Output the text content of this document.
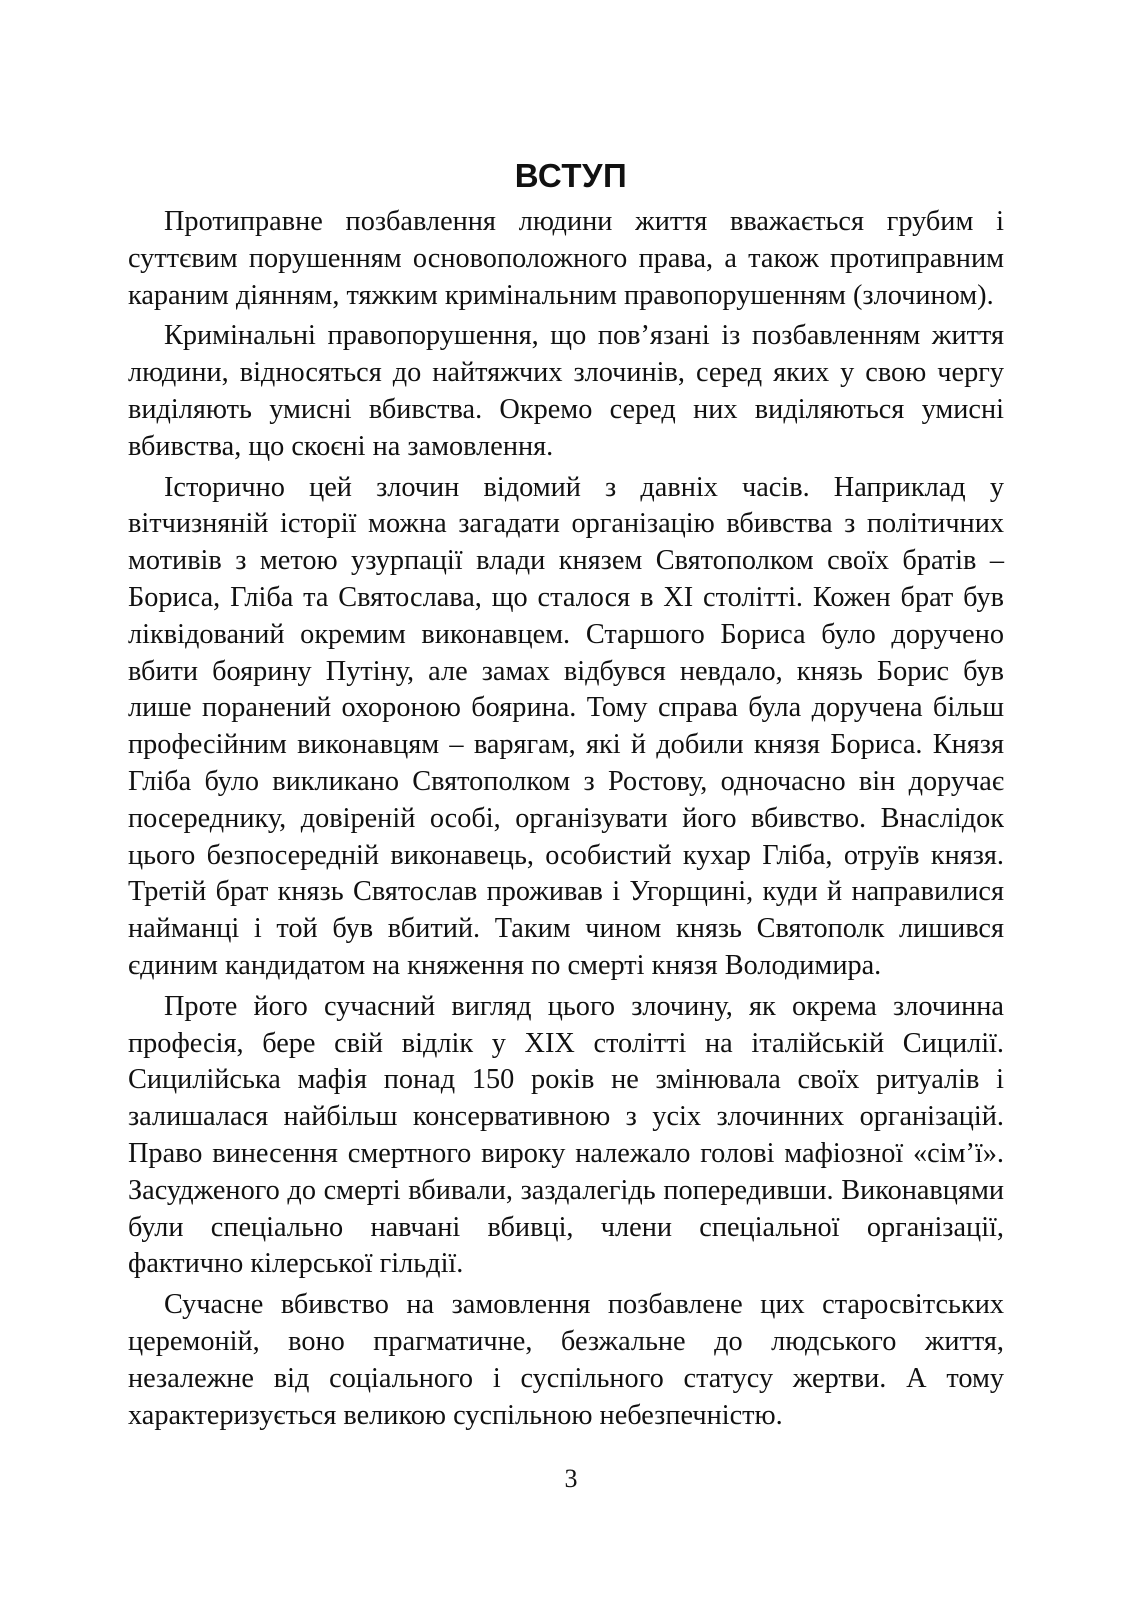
ВСТУП

Протиправне позбавлення людини життя вважається грубим і суттєвим порушенням основоположного права, а також протиправним караним діянням, тяжким кримінальним правопорушенням (злочином).

Кримінальні правопорушення, що пов’язані із позбавленням життя людини, відносяться до найтяжчих злочинів, серед яких у свою чергу виділяють умисні вбивства. Окремо серед них виділяються умисні вбивства, що скоєні на замовлення.

Історично цей злочин відомий з давніх часів. Наприклад у вітчизняній історії можна загадати організацію вбивства з політичних мотивів з метою узурпації влади князем Святополком своїх братів – Бориса, Гліба та Святослава, що сталося в ХІ столітті. Кожен брат був ліквідований окремим виконавцем. Старшого Бориса було доручено вбити боярину Путіну, але замах відбувся невдало, князь Борис був лише поранений охороною боярина. Тому справа була доручена більш професійним виконавцям – варягам, які й добили князя Бориса. Князя Гліба було викликано Святополком з Ростову, одночасно він доручає посереднику, довіреній особі, організувати його вбивство. Внаслідок цього безпосередній виконавець, особистий кухар Гліба, отруїв князя. Третій брат князь Святослав проживав і Угорщині, куди й направилися найманці і той був вбитий. Таким чином князь Святополк лишився єдиним кандидатом на княження по смерті князя Володимира.

Проте його сучасний вигляд цього злочину, як окрема злочинна професія, бере свій відлік у ХІХ столітті на італійській Сицилії. Сицилійська мафія понад 150 років не змінювала своїх ритуалів і залишалася найбільш консервативною з усіх злочинних організацій. Право винесення смертного вироку належало голові мафіозної «сім’ї». Засудженого до смерті вбивали, заздалегідь попередивши. Виконавцями були спеціально навчані вбивці, члени спеціальної організації, фактично кілерської гільдії.

Сучасне вбивство на замовлення позбавлене цих старосвітських церемоній, воно прагматичне, безжальне до людського життя, незалежне від соціального і суспільного статусу жертви. А тому характеризується великою суспільною небезпечністю.

3
